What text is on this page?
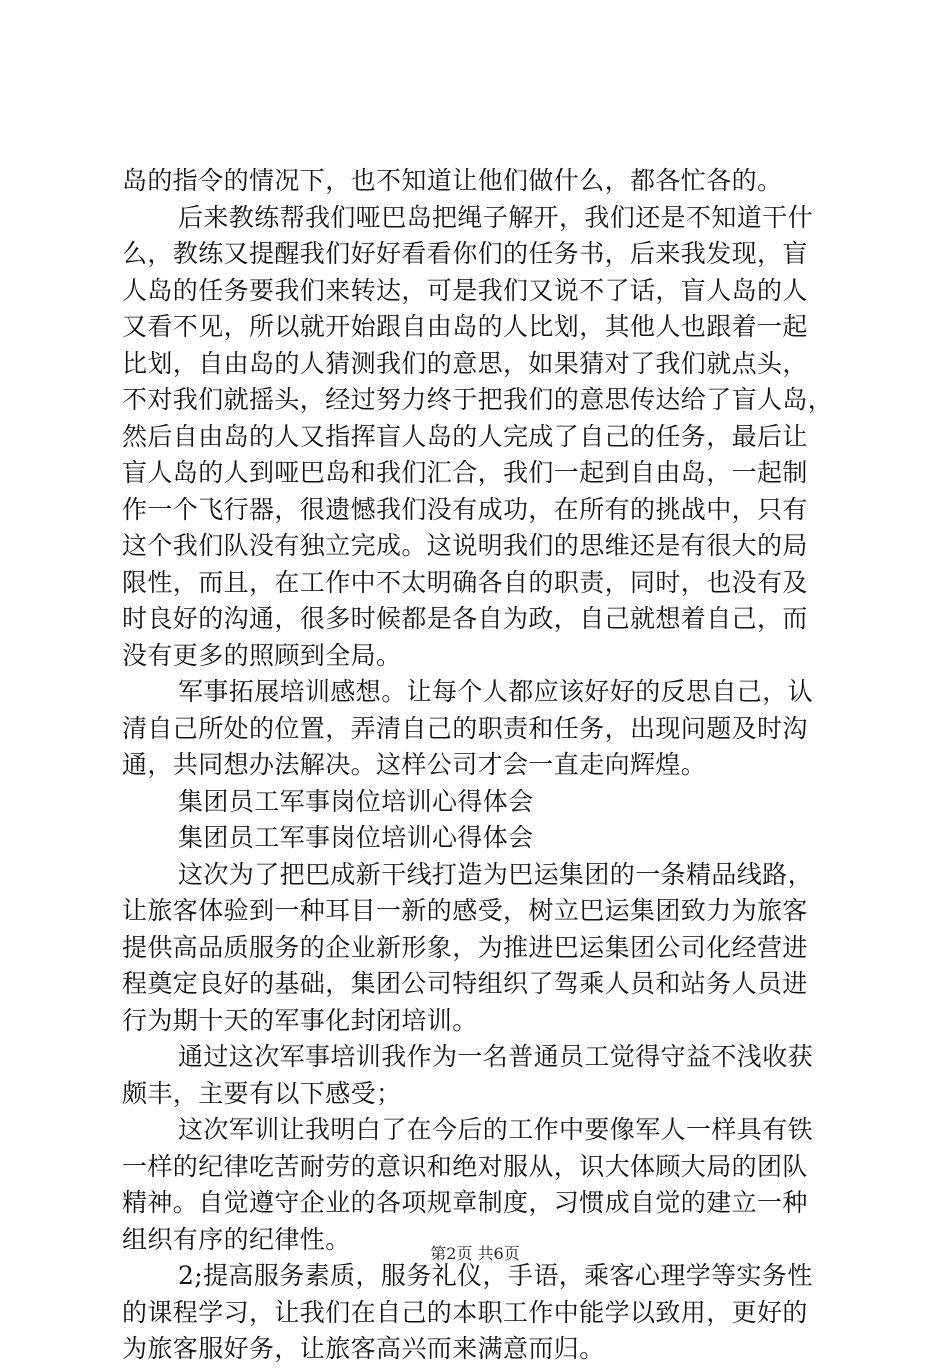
岛的指令的情况下，也不知道让他们做什么，都各忙各的。
后来教练帮我们哑巴岛把绳子解开，我们还是不知道干什
么，教练又提醒我们好好看看你们的任务书，后来我发现，盲
人岛的任务要我们来转达，可是我们又说不了话，盲人岛的人
又看不见，所以就开始跟自由岛的人比划，其他人也跟着一起
比划，自由岛的人猜测我们的意思，如果猜对了我们就点头，
不对我们就摇头，经过努力终于把我们的意思传达给了盲人岛，
然后自由岛的人又指挥盲人岛的人完成了自己的任务，最后让
盲人岛的人到哑巴岛和我们汇合，我们一起到自由岛，一起制
作一个飞行器，很遗憾我们没有成功，在所有的挑战中，只有
这个我们队没有独立完成。这说明我们的思维还是有很大的局
限性，而且，在工作中不太明确各自的职责，同时，也没有及
时良好的沟通，很多时候都是各自为政，自己就想着自己，而
没有更多的照顾到全局。
军事拓展培训感想。让每个人都应该好好的反思自己，认
清自己所处的位置，弄清自己的职责和任务，出现问题及时沟
通，共同想办法解决。这样公司才会一直走向辉煌。
集团员工军事岗位培训心得体会
集团员工军事岗位培训心得体会
这次为了把巴成新干线打造为巴运集团的一条精品线路，
让旅客体验到一种耳目一新的感受，树立巴运集团致力为旅客
提供高品质服务的企业新形象，为推进巴运集团公司化经营进
程奠定良好的基础，集团公司特组织了驾乘人员和站务人员进
行为期十天的军事化封闭培训。
通过这次军事培训我作为一名普通员工觉得守益不浅收获
颇丰，主要有以下感受；
这次军训让我明白了在今后的工作中要像军人一样具有铁
一样的纪律吃苦耐劳的意识和绝对服从，识大体顾大局的团队
精神。自觉遵守企业的各项规章制度，习惯成自觉的建立一种
组织有序的纪律性。
2;提高服务素质，服务礼仪，手语，乘客心理学等实务性
的课程学习，让我们在自己的本职工作中能学以致用，更好的
为旅客服好务，让旅客高兴而来满意而归。
第2页 共6页
